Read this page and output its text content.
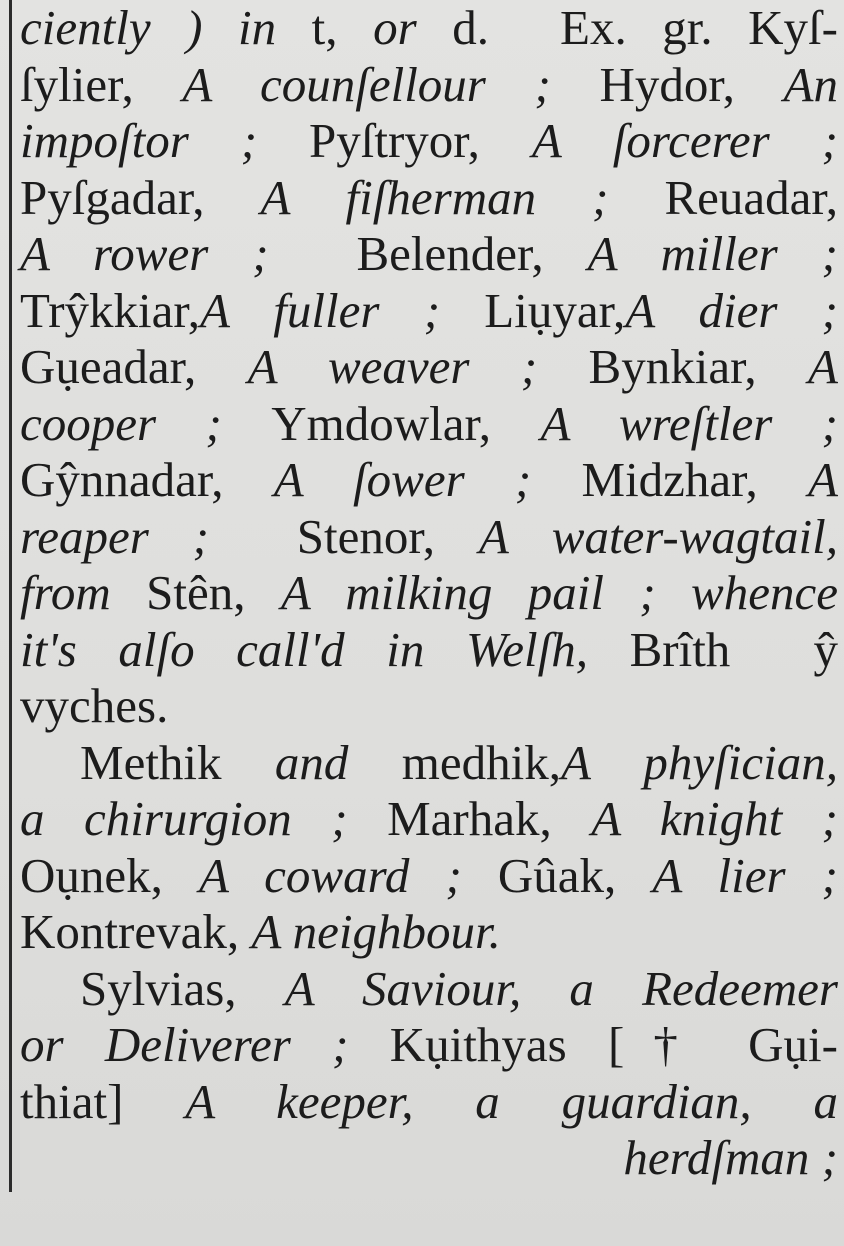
ciently ) in t, or d.  Ex. gr. Kyſ-
ſylier, A counſellour ; Hydor, An
impoſtor ; Pyſtryor, A ſorcerer ;
Pyſgadar, A fiſherman ; Reuadar,
A rower ;  Belender, A miller ;
Trŷkkiar,A fuller ; Liụyar,A dier ;
Gụeadar, A weaver ; Bynkiar, A
cooper ; Ymdowlar, A wreſtler ;
Gŷnnadar, A ſower ; Midzhar, A
reaper ;  Stenor, A water-wagtail,
from Stên, A milking pail ; whence
it's alſo call'd in Welſh, Brîth  ŷ
vyches.
Methik and medhik,A phyſician,
a chirurgion ; Marhak, A knight ;
Oụnek, A coward ; Gûak, A lier ;
Kontrevak, A neighbour.
Sylvias, A Saviour, a Redeemer
or Deliverer ; Kụithyas [† Gụi-
thiat] A keeper, a guardian, a
herdſman ;
